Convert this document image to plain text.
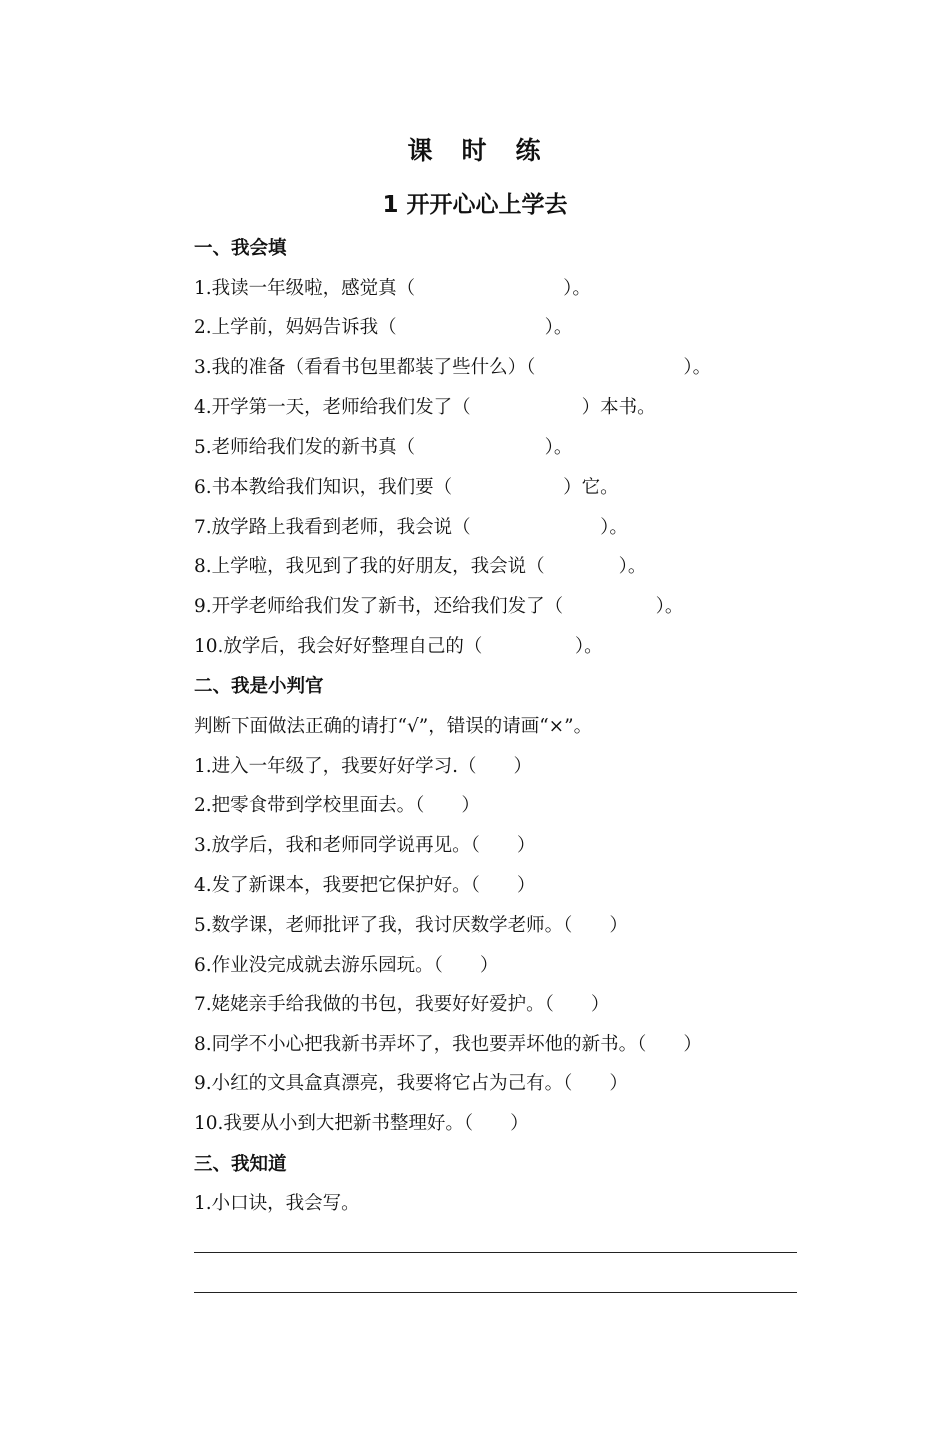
课　时　练
1 开开心心上学去
一、我会填
1.我读一年级啦，感觉真（　　　　　　　　）。
2.上学前，妈妈告诉我（　　　　　　　　）。
3.我的准备（看看书包里都装了些什么）（　　　　　　　　）。
4.开学第一天，老师给我们发了（　　　　　　）本书。
5.老师给我们发的新书真（　　　　　　　）。
6.书本教给我们知识，我们要（　　　　　　）它。
7.放学路上我看到老师，我会说（　　　　　　　）。
8.上学啦，我见到了我的好朋友，我会说（　　　　）。
9.开学老师给我们发了新书，还给我们发了（　　　　　）。
10.放学后，我会好好整理自己的（　　　　　）。
二、我是小判官
判断下面做法正确的请打“√”，错误的请画“×”。
1.进入一年级了，我要好好学习.（　　）
2.把零食带到学校里面去。（　　）
3.放学后，我和老师同学说再见。（　　）
4.发了新课本，我要把它保护好。（　　）
5.数学课，老师批评了我，我讨厌数学老师。（　　）
6.作业没完成就去游乐园玩。（　　）
7.姥姥亲手给我做的书包，我要好好爱护。（　　）
8.同学不小心把我新书弄坏了，我也要弄坏他的新书。（　　）
9.小红的文具盒真漂亮，我要将它占为己有。（　　）
10.我要从小到大把新书整理好。（　　）
三、我知道
1.小口诀，我会写。
